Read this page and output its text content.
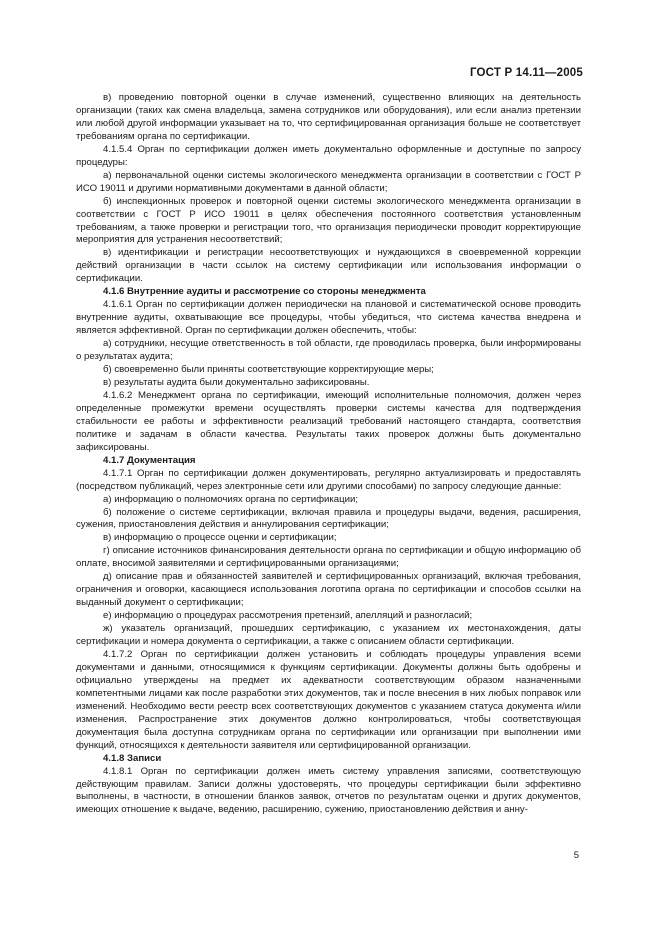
ГОСТ Р 14.11—2005

в) проведению повторной оценки в случае изменений, существенно влияющих на деятельность организации (таких как смена владельца, замена сотрудников или оборудования), или если анализ претензии или любой другой информации указывает на то, что сертифицированная организация больше не соответствует требованиям органа по сертификации.

4.1.5.4 Орган по сертификации должен иметь документально оформленные и доступные по запросу процедуры:

а) первоначальной оценки системы экологического менеджмента организации в соответствии с ГОСТ Р ИСО 19011 и другими нормативными документами в данной области;

б) инспекционных проверок и повторной оценки системы экологического менеджмента организации в соответствии с ГОСТ Р ИСО 19011 в целях обеспечения постоянного соответствия установленным требованиям, а также проверки и регистрации того, что организация периодически проводит корректирующие мероприятия для устранения несоответствий;

в) идентификации и регистрации несоответствующих и нуждающихся в своевременной коррекции действий организации в части ссылок на систему сертификации или использования информации о сертификации.

4.1.6 Внутренние аудиты и рассмотрение со стороны менеджмента

4.1.6.1 Орган по сертификации должен периодически на плановой и систематической основе проводить внутренние аудиты, охватывающие все процедуры, чтобы убедиться, что система качества внедрена и является эффективной. Орган по сертификации должен обеспечить, чтобы:

а) сотрудники, несущие ответственность в той области, где проводилась проверка, были информированы о результатах аудита;

б) своевременно были приняты соответствующие корректирующие меры;

в) результаты аудита были документально зафиксированы.

4.1.6.2 Менеджмент органа по сертификации, имеющий исполнительные полномочия, должен через определенные промежутки времени осуществлять проверки системы качества для подтверждения стабильности ее работы и эффективности реализаций требований настоящего стандарта, соответствия политике и задачам в области качества. Результаты таких проверок должны быть документально зафиксированы.

4.1.7 Документация

4.1.7.1 Орган по сертификации должен документировать, регулярно актуализировать и предоставлять (посредством публикаций, через электронные сети или другими способами) по запросу следующие данные:

а) информацию о полномочиях органа по сертификации;

б) положение о системе сертификации, включая правила и процедуры выдачи, ведения, расширения, сужения, приостановления действия и аннулирования сертификации;

в) информацию о процессе оценки и сертификации;

г) описание источников финансирования деятельности органа по сертификации и общую информацию об оплате, вносимой заявителями и сертифицированными организациями;

д) описание прав и обязанностей заявителей и сертифицированных организаций, включая требования, ограничения и оговорки, касающиеся использования логотипа органа по сертификации и способов ссылки на выданный документ о сертификации;

е) информацию о процедурах рассмотрения претензий, апелляций и разногласий;

ж) указатель организаций, прошедших сертификацию, с указанием их местонахождения, даты сертификации и номера документа о сертификации, а также с описанием области сертификации.

4.1.7.2 Орган по сертификации должен установить и соблюдать процедуры управления всеми документами и данными, относящимися к функциям сертификации. Документы должны быть одобрены и официально утверждены на предмет их адекватности соответствующим образом назначенными компетентными лицами как после разработки этих документов, так и после внесения в них любых поправок или изменений. Необходимо вести реестр всех соответствующих документов с указанием статуса документа и/или изменения. Распространение этих документов должно контролироваться, чтобы соответствующая документация была доступна сотрудникам органа по сертификации или организации при выполнении ими функций, относящихся к деятельности заявителя или сертифицированной организации.

4.1.8 Записи

4.1.8.1 Орган по сертификации должен иметь систему управления записями, соответствующую действующим правилам. Записи должны удостоверять, что процедуры сертификации были эффективно выполнены, в частности, в отношении бланков заявок, отчетов по результатам оценки и других документов, имеющих отношение к выдаче, ведению, расширению, сужению, приостановлению действия и анну-

5
